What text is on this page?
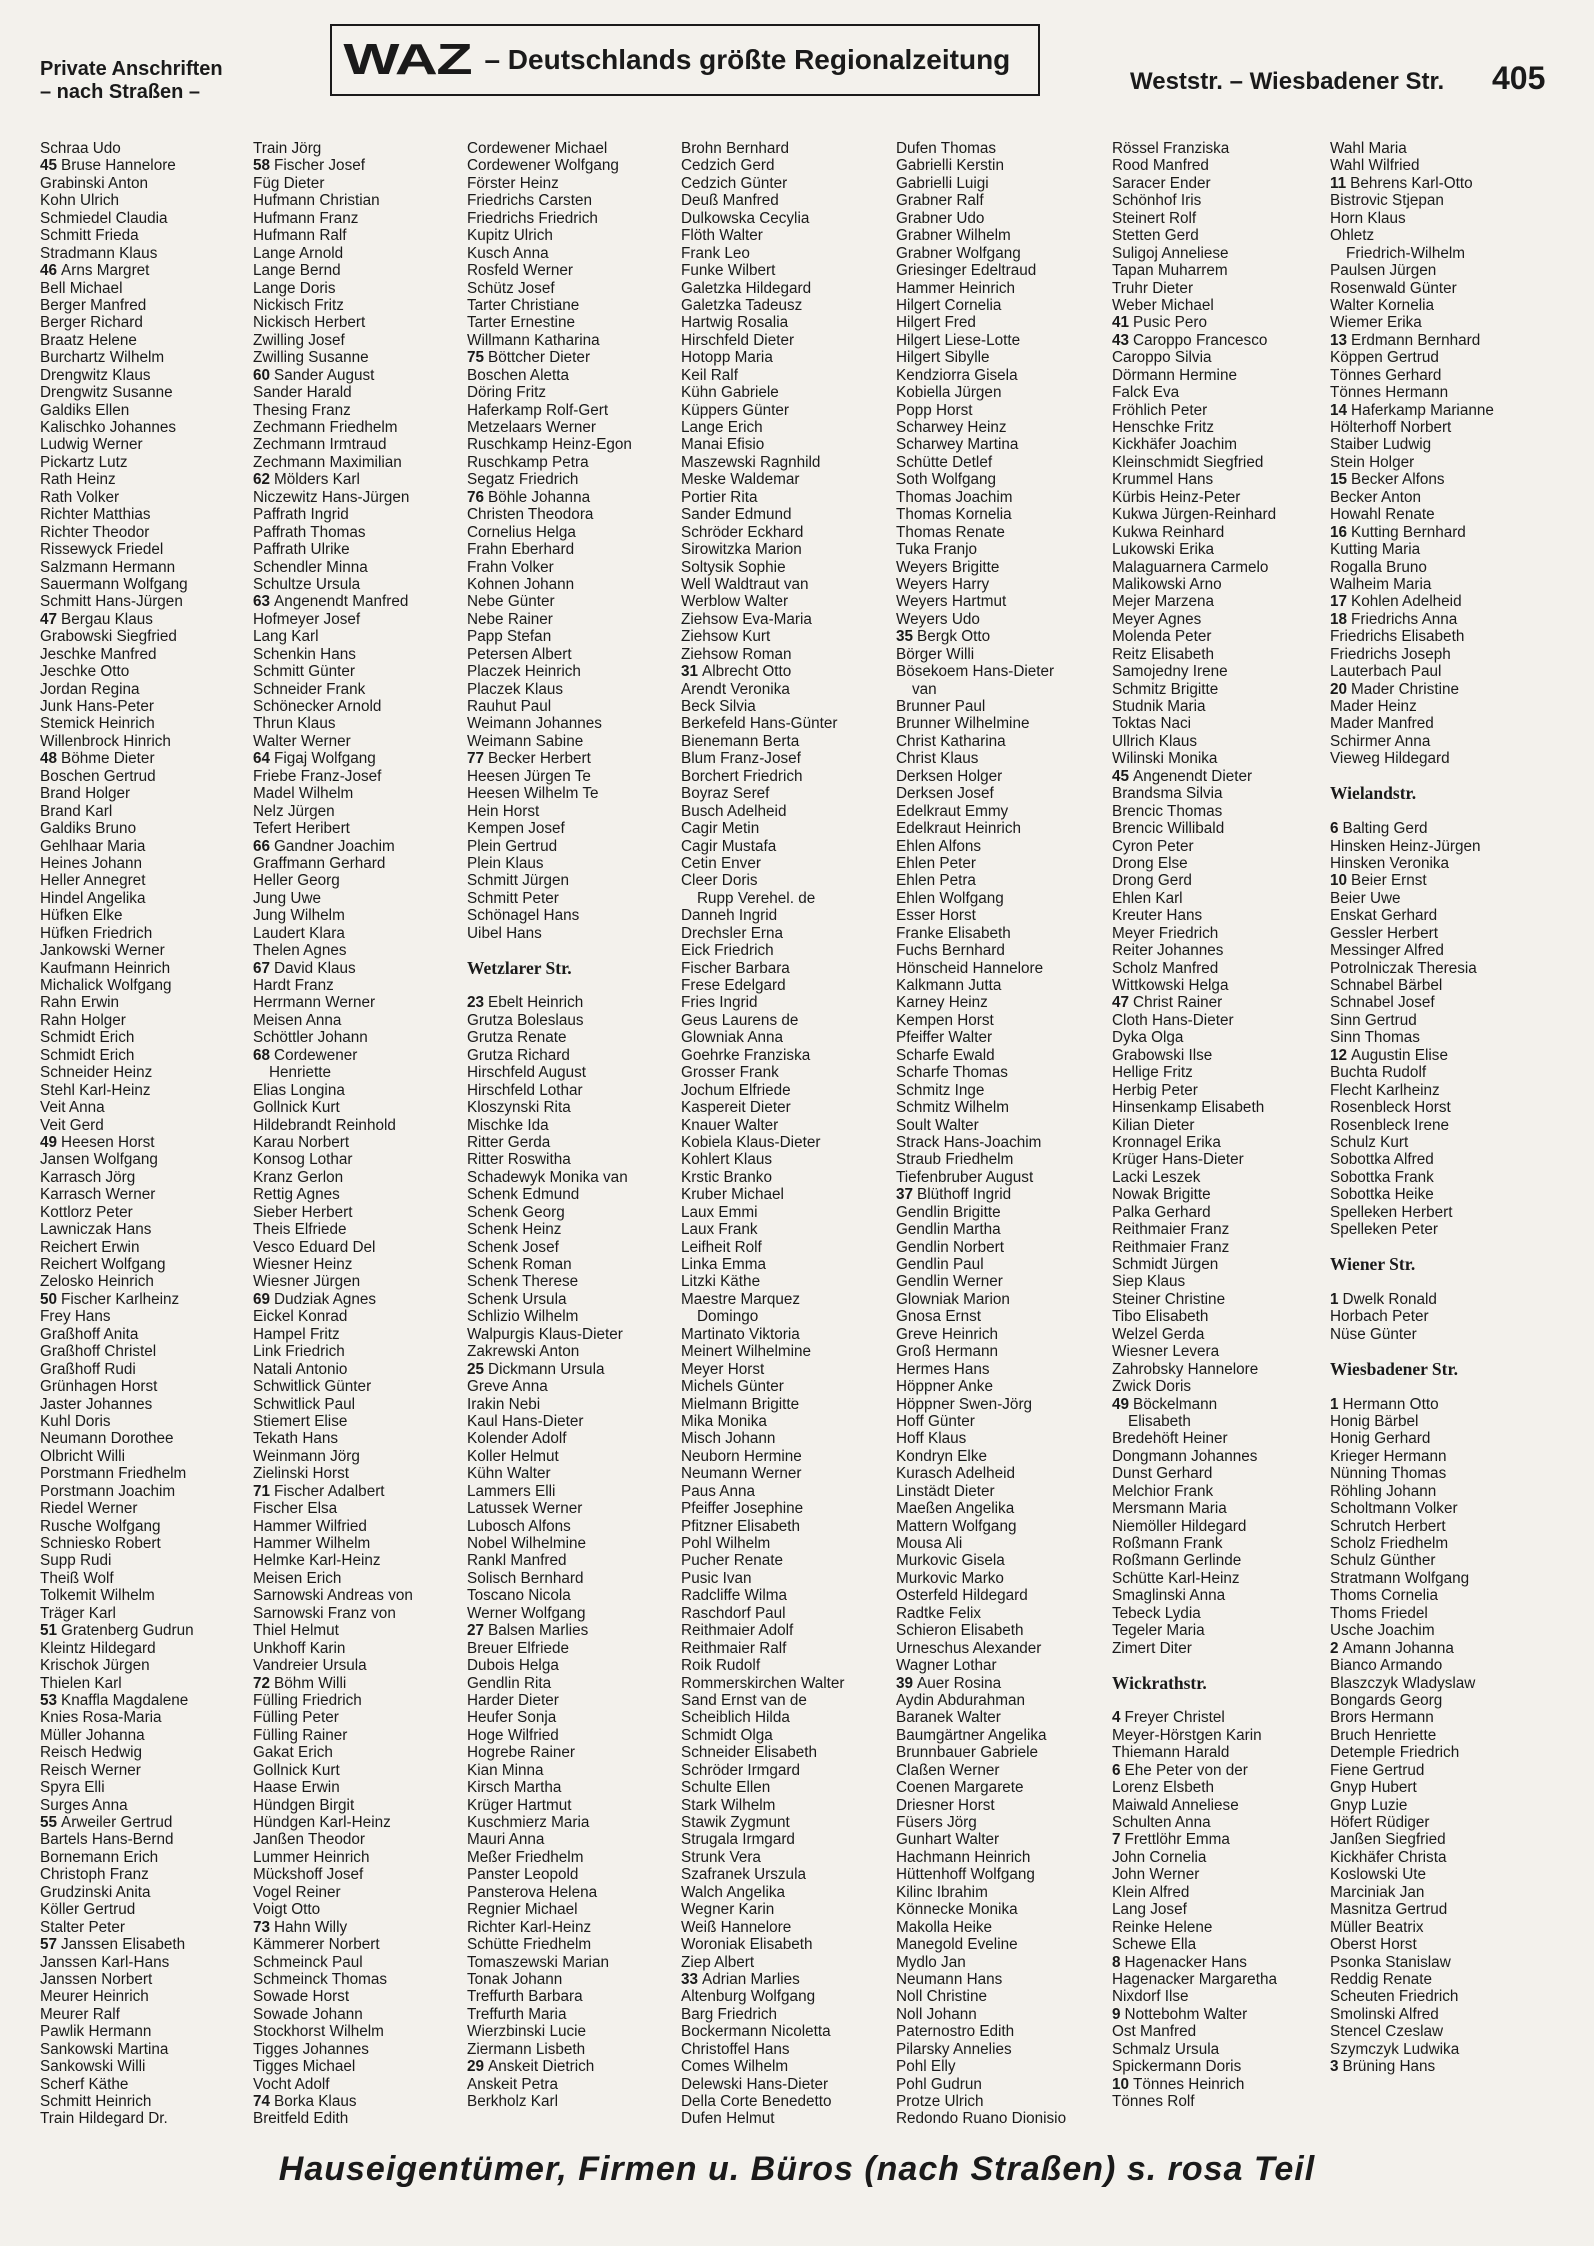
Private Anschriften
– nach Straßen –
WAZ – Deutschlands größte Regionalzeitung
Weststr. – Wiesbadener Str. 405
Schraa Udo
45 Bruse Hannelore
Grabinski Anton
Kohn Ulrich
Schmiedel Claudia
Schmitt Frieda
Stradmann Klaus
46 Arns Margret
Bell Michael
Berger Manfred
Berger Richard
Braatz Helene
Burchartz Wilhelm
Drengwitz Klaus
Drengwitz Susanne
Galdiks Ellen
Kalischko Johannes
Ludwig Werner
Pickartz Lutz
Rath Heinz
Rath Volker
Richter Matthias
Richter Theodor
Rissewyck Friedel
Salzmann Hermann
Sauermann Wolfgang
Schmitt Hans-Jürgen
47 Bergau Klaus
Grabowski Siegfried
Jeschke Manfred
Jeschke Otto
Jordan Regina
Junk Hans-Peter
Stemick Heinrich
Willenbrock Hinrich
48 Böhme Dieter
Boschen Gertrud
Brand Holger
Brand Karl
Galdiks Bruno
Gehlhaar Maria
Heines Johann
Heller Annegret
Hindel Angelika
Hüfken Elke
Hüfken Friedrich
Jankowski Werner
Kaufmann Heinrich
Michalick Wolfgang
Rahn Erwin
Rahn Holger
Schmidt Erich
Schmidt Erich
Schneider Heinz
Stehl Karl-Heinz
Veit Anna
Veit Gerd
49 Heesen Horst
Jansen Wolfgang
Karrasch Jörg
Karrasch Werner
Kottlorz Peter
Lawniczak Hans
Reichert Erwin
Reichert Wolfgang
Zelosko Heinrich
50 Fischer Karlheinz
Frey Hans
Graßhoff Anita
Graßhoff Christel
Graßhoff Rudi
Grünhagen Horst
Jaster Johannes
Kuhl Doris
Neumann Dorothee
Olbricht Willi
Porstmann Friedhelm
Porstmann Joachim
Riedel Werner
Rusche Wolfgang
Schniesko Robert
Supp Rudi
Theiß Wolf
Tolkemit Wilhelm
Träger Karl
51 Gratenberg Gudrun
Kleintz Hildegard
Krischok Jürgen
Thielen Karl
53 Knaffla Magdalene
Knies Rosa-Maria
Müller Johanna
Reisch Hedwig
Reisch Werner
Spyra Elli
Surges Anna
55 Arweiler Gertrud
Bartels Hans-Bernd
Bornemann Erich
Christoph Franz
Grudzinski Anita
Köller Gertrud
Stalter Peter
57 Janssen Elisabeth
Janssen Karl-Hans
Janssen Norbert
Meurer Heinrich
Meurer Ralf
Pawlik Hermann
Sankowski Martina
Sankowski Willi
Scherf Käthe
Schmitt Heinrich
Train Hildegard Dr.
Train Jörg
58 Fischer Josef
Füg Dieter
Hufmann Christian
Hufmann Franz
Hufmann Ralf
Lange Arnold
Lange Bernd
Lange Doris
Nickisch Fritz
Nickisch Herbert
Zwilling Josef
Zwilling Susanne
60 Sander August
Sander Harald
Thesing Franz
Zechmann Friedhelm
Zechmann Irmtraud
Zechmann Maximilian
62 Mölders Karl
Niczewitz Hans-Jürgen
Paffrath Ingrid
Paffrath Thomas
Paffrath Ulrike
Schendler Minna
Schultze Ursula
63 Angenendt Manfred
Hofmeyer Josef
Lang Karl
Schenkin Hans
Schmitt Günter
Schneider Frank
Schönecker Arnold
Thrun Klaus
Walter Werner
64 Figaj Wolfgang
Friebe Franz-Josef
Madel Wilhelm
Nelz Jürgen
Tefert Heribert
66 Gandner Joachim
Graffmann Gerhard
Heller Georg
Jung Uwe
Jung Wilhelm
Laudert Klara
Thelen Agnes
67 David Klaus
Hardt Franz
Herrmann Werner
Meisen Anna
Schöttler Johann
68 Cordewener
Henriette
Elias Longina
Gollnick Kurt
Hildebrandt Reinhold
Karau Norbert
Konsog Lothar
Kranz Gerlon
Rettig Agnes
Sieber Herbert
Theis Elfriede
Vesco Eduard Del
Wiesner Heinz
Wiesner Jürgen
69 Dudziak Agnes
Eickel Konrad
Hampel Fritz
Link Friedrich
Natali Antonio
Schwitlick Günter
Schwitlick Paul
Stiemert Elise
Tekath Hans
Weinmann Jörg
Zielinski Horst
71 Fischer Adalbert
Fischer Elsa
Hammer Wilfried
Hammer Wilhelm
Helmke Karl-Heinz
Meisen Erich
Sarnowski Andreas von
Sarnowski Franz von
Thiel Helmut
Unkhoff Karin
Vandreier Ursula
72 Böhm Willi
Fülling Friedrich
Fülling Peter
Fülling Rainer
Gakat Erich
Gollnick Kurt
Haase Erwin
Hündgen Birgit
Hündgen Karl-Heinz
Janßen Theodor
Lummer Heinrich
Mückshoff Josef
Vogel Reiner
Voigt Otto
73 Hahn Willy
Kämmerer Norbert
Schmeinck Paul
Schmeinck Thomas
Sowade Horst
Sowade Johann
Stockhorst Wilhelm
Tigges Johannes
Tigges Michael
Vocht Adolf
74 Borka Klaus
Breitfeld Edith
Cordewener Michael
Cordewener Wolfgang
Förster Heinz
Friedrichs Carsten
Friedrichs Friedrich
Kupitz Ulrich
Kusch Anna
Rosfeld Werner
Schütz Josef
Tarter Christiane
Tarter Ernestine
Willmann Katharina
75 Böttcher Dieter
Boschen Aletta
Döring Fritz
Haferkamp Rolf-Gert
Metzelaars Werner
Ruschkamp Heinz-Egon
Ruschkamp Petra
Segatz Friedrich
76 Böhle Johanna
Christen Theodora
Cornelius Helga
Frahn Eberhard
Frahn Volker
Kohnen Johann
Nebe Günter
Nebe Rainer
Papp Stefan
Petersen Albert
Placzek Heinrich
Placzek Klaus
Rauhut Paul
Weimann Johannes
Weimann Sabine
77 Becker Herbert
Heesen Jürgen Te
Heesen Wilhelm Te
Hein Horst
Kempen Josef
Plein Gertrud
Plein Klaus
Schmitt Jürgen
Schmitt Peter
Schönagel Hans
Uibel Hans
Wetzlarer Str.
23 Ebelt Heinrich
Grutza Boleslaus
Grutza Renate
Grutza Richard
Hirschfeld August
Hirschfeld Lothar
Kloszynski Rita
Mischke Ida
Ritter Gerda
Ritter Roswitha
Schadewyk Monika van
Schenk Edmund
Schenk Georg
Schenk Heinz
Schenk Josef
Schenk Roman
Schenk Therese
Schenk Ursula
Schlizio Wilhelm
Walpurgis Klaus-Dieter
Zakrewski Anton
25 Dickmann Ursula
Greve Anna
Irakin Nebi
Kaul Hans-Dieter
Kolender Adolf
Koller Helmut
Kühn Walter
Lammers Elli
Latussek Werner
Lubosch Alfons
Nobel Wilhelmine
Rankl Manfred
Solisch Bernhard
Toscano Nicola
Werner Wolfgang
27 Balsen Marlies
Breuer Elfriede
Dubois Helga
Gendlin Rita
Harder Dieter
Heufer Sonja
Hoge Wilfried
Hogrebe Rainer
Kian Minna
Kirsch Martha
Krüger Hartmut
Kuschmierz Maria
Mauri Anna
Meßer Friedhelm
Panster Leopold
Pansterova Helena
Regnier Michael
Richter Karl-Heinz
Schütte Friedhelm
Tomaszewski Marian
Tonak Johann
Treffurth Barbara
Treffurth Maria
Wierzbinski Lucie
Ziermann Lisbeth
29 Anskeit Dietrich
Anskeit Petra
Berkholz Karl
Brohn Bernhard
Cedzich Gerd
Cedzich Günter
Deuß Manfred
Dulkowska Cecylia
Flöth Walter
Frank Leo
Funke Wilbert
Galetzka Hildegard
Galetzka Tadeusz
Hartwig Rosalia
Hirschfeld Dieter
Hotopp Maria
Keil Ralf
Kühn Gabriele
Küppers Günter
Lange Erich
Manai Efisio
Maszewski Ragnhild
Meske Waldemar
Portier Rita
Sander Edmund
Schröder Eckhard
Sirowitzka Marion
Soltysik Sophie
Well Waldtraut van
Werblow Walter
Ziehsow Eva-Maria
Ziehsow Kurt
Ziehsow Roman
31 Albrecht Otto
Arendt Veronika
Beck Silvia
Berkefeld Hans-Günter
Bienemann Berta
Blum Franz-Josef
Borchert Friedrich
Boyraz Seref
Busch Adelheid
Cagir Metin
Cagir Mustafa
Cetin Enver
Cleer Doris
Rupp Verehel. de
Danneh Ingrid
Drechsler Erna
Eick Friedrich
Fischer Barbara
Frese Edelgard
Fries Ingrid
Geus Laurens de
Glowniak Anna
Goehrke Franziska
Grosser Frank
Jochum Elfriede
Kaspereit Dieter
Knauer Walter
Kobiela Klaus-Dieter
Kohlert Klaus
Krstic Branko
Kruber Michael
Laux Emmi
Laux Frank
Leifheit Rolf
Linka Emma
Litzki Käthe
Maestre Marquez
Domingo
Martinato Viktoria
Meinert Wilhelmine
Meyer Horst
Michels Günter
Mielmann Brigitte
Mika Monika
Misch Johann
Neuborn Hermine
Neumann Werner
Paus Anna
Pfeiffer Josephine
Pfitzner Elisabeth
Pohl Wilhelm
Pucher Renate
Pusic Ivan
Radcliffe Wilma
Raschdorf Paul
Reithmaier Adolf
Reithmaier Ralf
Roik Rudolf
Rommerskirchen Walter
Sand Ernst van de
Scheiblich Hilda
Schmidt Olga
Schneider Elisabeth
Schröder Irmgard
Schulte Ellen
Stark Wilhelm
Stawik Zygmunt
Strugala Irmgard
Strunk Vera
Szafranek Urszula
Walch Angelika
Wegner Karin
Weiß Hannelore
Woroniak Elisabeth
Ziep Albert
33 Adrian Marlies
Altenburg Wolfgang
Barg Friedrich
Bockermann Nicoletta
Christoffel Hans
Comes Wilhelm
Delewski Hans-Dieter
Della Corte Benedetto
Dufen Helmut
Dufen Thomas
Gabrielli Kerstin
Gabrielli Luigi
Grabner Ralf
Grabner Udo
Grabner Wilhelm
Grabner Wolfgang
Griesinger Edeltraud
Hammer Heinrich
Hilgert Cornelia
Hilgert Fred
Hilgert Liese-Lotte
Hilgert Sibylle
Kendziorra Gisela
Kobiella Jürgen
Popp Horst
Scharwey Heinz
Scharwey Martina
Schütte Detlef
Soth Wolfgang
Thomas Joachim
Thomas Kornelia
Thomas Renate
Tuka Franjo
Weyers Brigitte
Weyers Harry
Weyers Hartmut
Weyers Udo
35 Bergk Otto
Börger Willi
Bösekoem Hans-Dieter
van
Brunner Paul
Brunner Wilhelmine
Christ Katharina
Christ Klaus
Derksen Holger
Derksen Josef
Edelkraut Emmy
Edelkraut Heinrich
Ehlen Alfons
Ehlen Peter
Ehlen Petra
Ehlen Wolfgang
Esser Horst
Franke Elisabeth
Fuchs Bernhard
Hönscheid Hannelore
Kalkmann Jutta
Karney Heinz
Kempen Horst
Pfeiffer Walter
Scharfe Ewald
Scharfe Thomas
Schmitz Inge
Schmitz Wilhelm
Soult Walter
Strack Hans-Joachim
Straub Friedhelm
Tiefenbruber August
37 Blüthoff Ingrid
Gendlin Brigitte
Gendlin Martha
Gendlin Norbert
Gendlin Paul
Gendlin Werner
Glowniak Marion
Gnosa Ernst
Greve Heinrich
Groß Hermann
Hermes Hans
Höppner Anke
Höppner Swen-Jörg
Hoff Günter
Hoff Klaus
Kondryn Elke
Kurasch Adelheid
Linstädt Dieter
Maeßen Angelika
Mattern Wolfgang
Mousa Ali
Murkovic Gisela
Murkovic Marko
Osterfeld Hildegard
Radtke Felix
Schieron Elisabeth
Urneschus Alexander
Wagner Lothar
39 Auer Rosina
Aydin Abdurahman
Baranek Walter
Baumgärtner Angelika
Brunnbauer Gabriele
Claßen Werner
Coenen Margarete
Driesner Horst
Füsers Jörg
Gunhart Walter
Hachmann Heinrich
Hüttenhoff Wolfgang
Kilinc Ibrahim
Könnecke Monika
Makolla Heike
Manegold Eveline
Mydlo Jan
Neumann Hans
Noll Christine
Noll Johann
Paternostro Edith
Pilarsky Annelies
Pohl Elly
Pohl Gudrun
Protze Ulrich
Redondo Ruano Dionisio
Rössel Franziska
Rood Manfred
Saracer Ender
Schönhof Iris
Steinert Rolf
Stetten Gerd
Suligoj Anneliese
Tapan Muharrem
Truhr Dieter
Weber Michael
41 Pusic Pero
43 Caroppo Francesco
Caroppo Silvia
Dörmann Hermine
Falck Eva
Fröhlich Peter
Henschke Fritz
Kickhäfer Joachim
Kleinschmidt Siegfried
Krummel Hans
Kürbis Heinz-Peter
Kukwa Jürgen-Reinhard
Kukwa Reinhard
Lukowski Erika
Malaguarnera Carmelo
Malikowski Arno
Mejer Marzena
Meyer Agnes
Molenda Peter
Reitz Elisabeth
Samojedny Irene
Schmitz Brigitte
Studnik Maria
Toktas Naci
Ullrich Klaus
Wilinski Monika
45 Angenendt Dieter
Brandsma Silvia
Brencic Thomas
Brencic Willibald
Cyron Peter
Drong Else
Drong Gerd
Ehlen Karl
Kreuter Hans
Meyer Friedrich
Reiter Johannes
Scholz Manfred
Wittkowski Helga
47 Christ Rainer
Cloth Hans-Dieter
Dyka Olga
Grabowski Ilse
Hellige Fritz
Herbig Peter
Hinsenkamp Elisabeth
Kilian Dieter
Kronnagel Erika
Krüger Hans-Dieter
Lacki Leszek
Nowak Brigitte
Palka Gerhard
Reithmaier Franz
Reithmaier Franz
Schmidt Jürgen
Siep Klaus
Steiner Christine
Tibo Elisabeth
Welzel Gerda
Wiesner Levera
Zahrobsky Hannelore
Zwick Doris
49 Böckelmann
Elisabeth
Bredehöft Heiner
Dongmann Johannes
Dunst Gerhard
Melchior Frank
Mersmann Maria
Niemöller Hildegard
Roßmann Frank
Roßmann Gerlinde
Schütte Karl-Heinz
Smaglinski Anna
Tebeck Lydia
Tegeler Maria
Zimert Diter
Wickrathstr.
4 Freyer Christel
Meyer-Hörstgen Karin
Thiemann Harald
6 Ehe Peter von der
Lorenz Elsbeth
Maiwald Anneliese
Schulten Anna
7 Frettlöhr Emma
John Cornelia
John Werner
Klein Alfred
Lang Josef
Reinke Helene
Schewe Ella
8 Hagenacker Hans
Hagenacker Margaretha
Nixdorf Ilse
9 Nottebohm Walter
Ost Manfred
Schmalz Ursula
Spickermann Doris
10 Tönnes Heinrich
Tönnes Rolf
Wahl Maria
Wahl Wilfried
11 Behrens Karl-Otto
Bistrovic Stjepan
Horn Klaus
Ohletz
Friedrich-Wilhelm
Paulsen Jürgen
Rosenwald Günter
Walter Kornelia
Wiemer Erika
13 Erdmann Bernhard
Köppen Gertrud
Tönnes Gerhard
Tönnes Hermann
14 Haferkamp Marianne
Hölterhoff Norbert
Staiber Ludwig
Stein Holger
15 Becker Alfons
Becker Anton
Howahl Renate
16 Kutting Bernhard
Kutting Maria
Rogalla Bruno
Walheim Maria
17 Kohlen Adelheid
18 Friedrichs Anna
Friedrichs Elisabeth
Friedrichs Joseph
Lauterbach Paul
20 Mader Christine
Mader Heinz
Mader Manfred
Schirmer Anna
Vieweg Hildegard
Wielandstr.
6 Balting Gerd
Hinsken Heinz-Jürgen
Hinsken Veronika
10 Beier Ernst
Beier Uwe
Enskat Gerhard
Gessler Herbert
Messinger Alfred
Potrolniczak Theresia
Schnabel Bärbel
Schnabel Josef
Sinn Gertrud
Sinn Thomas
12 Augustin Elise
Buchta Rudolf
Flecht Karlheinz
Rosenbleck Horst
Rosenbleck Irene
Schulz Kurt
Sobottka Alfred
Sobottka Frank
Sobottka Heike
Spelleken Herbert
Spelleken Peter
Wiener Str.
1 Dwelk Ronald
Horbach Peter
Nüse Günter
Wiesbadener Str.
1 Hermann Otto
Honig Bärbel
Honig Gerhard
Krieger Hermann
Nünning Thomas
Röhling Johann
Scholtmann Volker
Schrutch Herbert
Scholz Friedhelm
Schulz Günther
Stratmann Wolfgang
Thoms Cornelia
Thoms Friedel
Usche Joachim
2 Amann Johanna
Bianco Armando
Blaszczyk Wladyslaw
Bongards Georg
Brors Hermann
Bruch Henriette
Detemple Friedrich
Fiene Gertrud
Gnyp Hubert
Gnyp Luzie
Höfert Rüdiger
Janßen Siegfried
Kickhäfer Christa
Koslowski Ute
Marciniak Jan
Masnitza Gertrud
Müller Beatrix
Oberst Horst
Psonka Stanislaw
Reddig Renate
Scheuten Friedrich
Smolinski Alfred
Stencel Czeslaw
Szymczyk Ludwika
3 Brüning Hans
Hauseigentümer, Firmen u. Büros (nach Straßen) s. rosa Teil
